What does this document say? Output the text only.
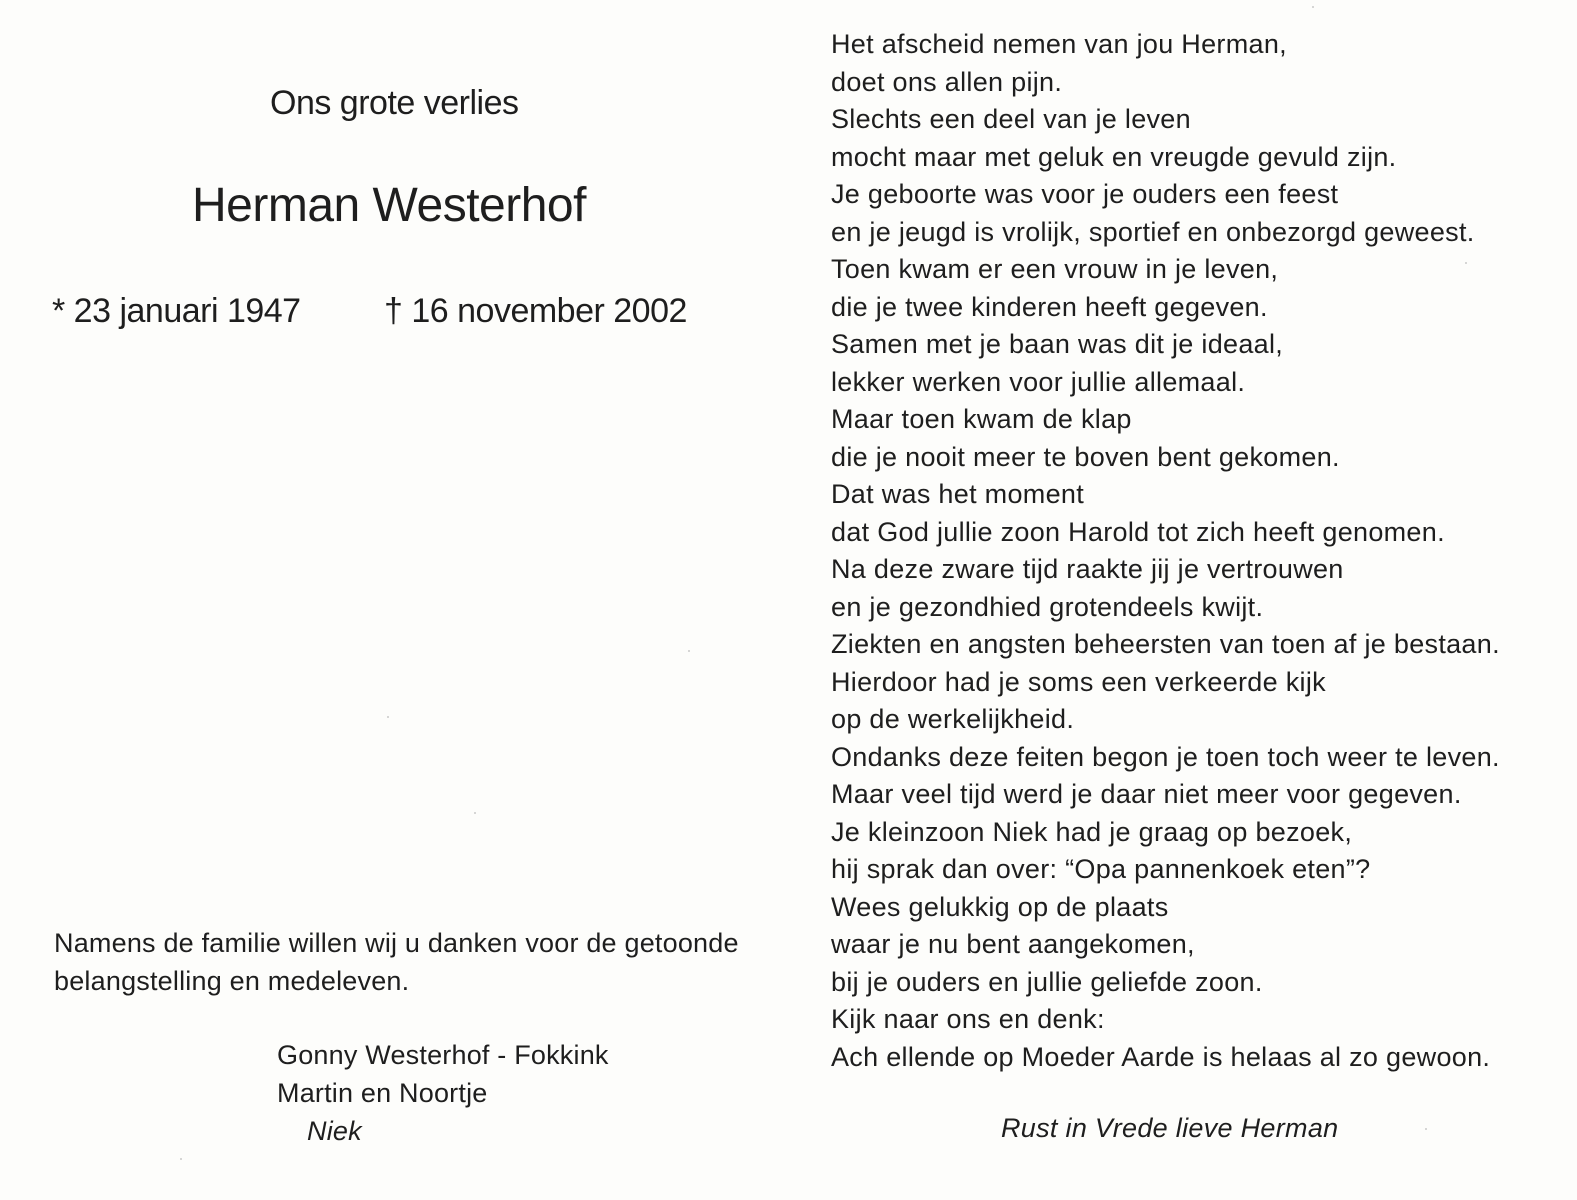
Ons grote verlies
Herman Westerhof
* 23 januari 1947 † 16 november 2002
Namens de familie willen wij u danken voor de getoonde
belangstelling en medeleven.
Gonny Westerhof - Fokkink
Martin en Noortje
Niek
Het afscheid nemen van jou Herman,
doet ons allen pijn.
Slechts een deel van je leven
mocht maar met geluk en vreugde gevuld zijn.
Je geboorte was voor je ouders een feest
en je jeugd is vrolijk, sportief en onbezorgd geweest.
Toen kwam er een vrouw in je leven,
die je twee kinderen heeft gegeven.
Samen met je baan was dit je ideaal,
lekker werken voor jullie allemaal.
Maar toen kwam de klap
die je nooit meer te boven bent gekomen.
Dat was het moment
dat God jullie zoon Harold tot zich heeft genomen.
Na deze zware tijd raakte jij je vertrouwen
en je gezondhied grotendeels kwijt.
Ziekten en angsten beheersten van toen af je bestaan.
Hierdoor had je soms een verkeerde kijk
op de werkelijkheid.
Ondanks deze feiten begon je toen toch weer te leven.
Maar veel tijd werd je daar niet meer voor gegeven.
Je kleinzoon Niek had je graag op bezoek,
hij sprak dan over: “Opa pannenkoek eten”?
Wees gelukkig op de plaats
waar je nu bent aangekomen,
bij je ouders en jullie geliefde zoon.
Kijk naar ons en denk:
Ach ellende op Moeder Aarde is helaas al zo gewoon.
Rust in Vrede lieve Herman
